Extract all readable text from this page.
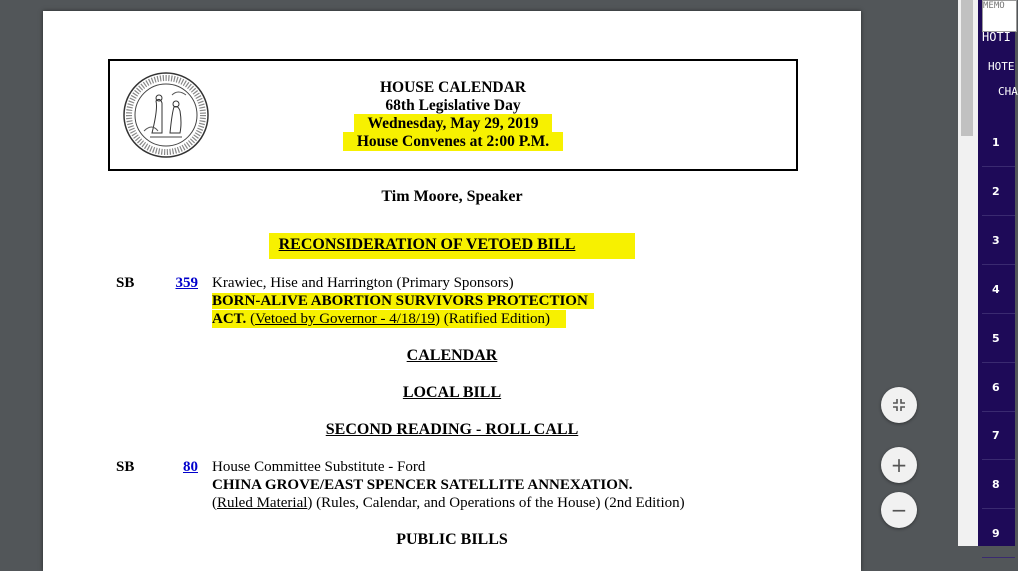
HOUSE CALENDAR
68th Legislative Day
Wednesday, May 29, 2019
House Convenes at 2:00 P.M.
Tim Moore, Speaker
RECONSIDERATION OF VETOED BILL
SB	359 Krawiec, Hise and Harrington (Primary Sponsors)
BORN-ALIVE ABORTION SURVIVORS PROTECTION
ACT. (Vetoed by Governor - 4/18/19) (Ratified Edition)
CALENDAR
LOCAL BILL
SECOND READING - ROLL CALL
SB	80 House Committee Substitute - Ford
CHINA GROVE/EAST SPENCER SATELLITE ANNEXATION.
(Ruled Material) (Rules, Calendar, and Operations of the House) (2nd Edition)
PUBLIC BILLS
+
−
MEMO
HOTI
HOTE
CHA
1
2
3
4
5
6
7
8
9
